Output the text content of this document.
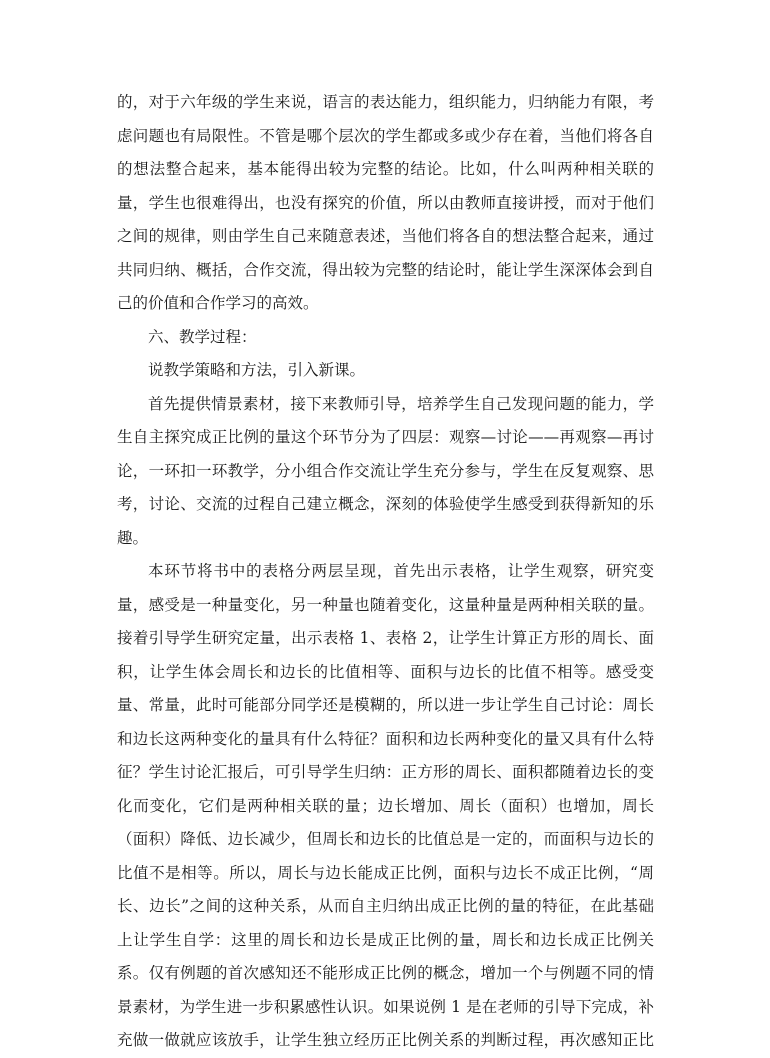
的，对于六年级的学生来说，语言的表达能力，组织能力，归纳能力有限，考
虑问题也有局限性。不管是哪个层次的学生都或多或少存在着，当他们将各自
的想法整合起来，基本能得出较为完整的结论。比如，什么叫两种相关联的
量，学生也很难得出，也没有探究的价值，所以由教师直接讲授，而对于他们
之间的规律，则由学生自己来随意表述，当他们将各自的想法整合起来，通过
共同归纳、概括，合作交流，得出较为完整的结论时，能让学生深深体会到自
己的价值和合作学习的高效。
六、教学过程：
说教学策略和方法，引入新课。
首先提供情景素材，接下来教师引导，培养学生自己发现问题的能力，学
生自主探究成正比例的量这个环节分为了四层：观察—讨论——再观察—再讨
论，一环扣一环教学，分小组合作交流让学生充分参与，学生在反复观察、思
考，讨论、交流的过程自己建立概念，深刻的体验使学生感受到获得新知的乐
趣。
本环节将书中的表格分两层呈现，首先出示表格，让学生观察，研究变
量，感受是一种量变化，另一种量也随着变化，这量种量是两种相关联的量。
接着引导学生研究定量，出示表格 1、表格 2，让学生计算正方形的周长、面
积，让学生体会周长和边长的比值相等、面积与边长的比值不相等。感受变
量、常量，此时可能部分同学还是模糊的，所以进一步让学生自己讨论：周长
和边长这两种变化的量具有什么特征？面积和边长两种变化的量又具有什么特
征？学生讨论汇报后，可引导学生归纳：正方形的周长、面积都随着边长的变
化而变化，它们是两种相关联的量；边长增加、周长（面积）也增加，周长
（面积）降低、边长减少，但周长和边长的比值总是一定的，而面积与边长的
比值不是相等。所以，周长与边长能成正比例，面积与边长不成正比例，“周
长、边长”之间的这种关系，从而自主归纳出成正比例的量的特征，在此基础
上让学生自学：这里的周长和边长是成正比例的量，周长和边长成正比例关
系。仅有例题的首次感知还不能形成正比例的概念，增加一个与例题不同的情
景素材，为学生进一步积累感性认识。如果说例 1 是在老师的引导下完成，补
充做一做就应该放手，让学生独立经历正比例关系的判断过程，再次感知正比
